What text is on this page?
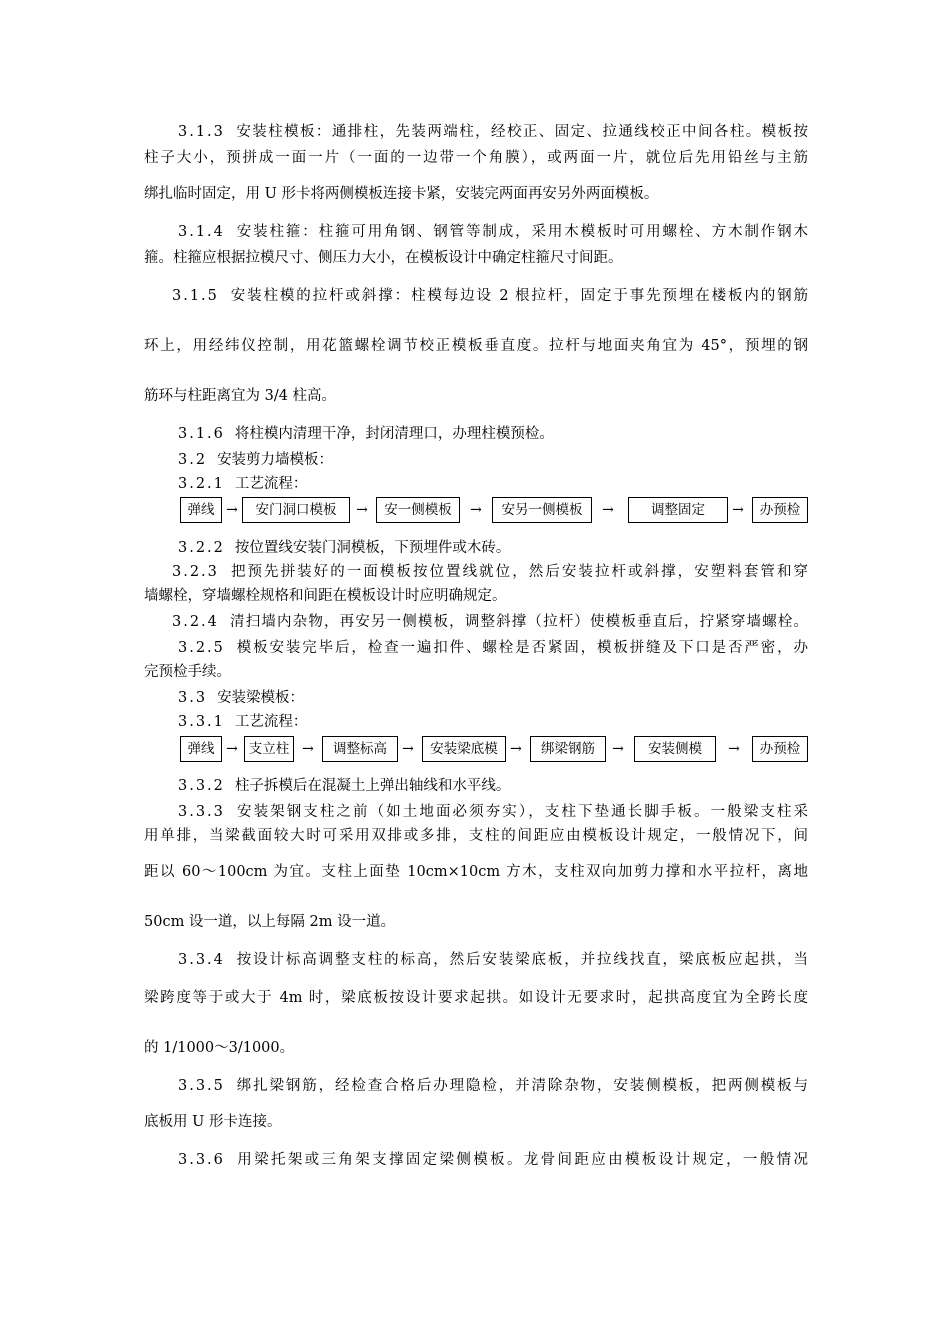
3.1.3 安装柱模板：通排柱，先装两端柱，经校正、固定、拉通线校正中间各柱。模板按

柱子大小，预拼成一面一片（一面的一边带一个角膜），或两面一片，就位后先用铅丝与主筋

绑扎临时固定，用 U 形卡将两侧模板连接卡紧，安装完两面再安另外两面模板。

3.1.4 安装柱箍：柱箍可用角钢、钢管等制成，采用木模板时可用螺栓、方木制作钢木

箍。柱箍应根据拉模尺寸、侧压力大小，在模板设计中确定柱箍尺寸间距。

3.1.5 安装柱模的拉杆或斜撑：柱模每边设 2 根拉杆，固定于事先预埋在楼板内的钢筋

环上，用经纬仪控制，用花篮螺栓调节校正模板垂直度。拉杆与地面夹角宜为 45°，预埋的钢

筋环与柱距离宜为 3/4 柱高。

3.1.6 将柱模内清理干净，封闭清理口，办理柱模预检。

3.2 安装剪力墙模板：

3.2.1 工艺流程：

弹线 →	安门洞口模板	→	安一侧模板	→	安另一侧模板	→	调整固定	→	办预检

3.2.2 按位置线安装门洞模板，下预埋件或木砖。

3.2.3 把预先拼装好的一面模板按位置线就位，然后安装拉杆或斜撑，安塑料套管和穿

墙螺栓，穿墙螺栓规格和间距在模板设计时应明确规定。

3.2.4 清扫墙内杂物，再安另一侧模板，调整斜撑（拉杆）使模板垂直后，拧紧穿墙螺栓。

3.2.5 模板安装完毕后，检查一遍扣件、螺栓是否紧固，模板拼缝及下口是否严密，办

完预检手续。

3.3 安装梁模板：

3.3.1 工艺流程：

弹线 → 支立柱 →	调整标高	→	安装梁底模 →	绑梁钢筋	→	安装侧模	→	办预检

3.3.2 柱子拆模后在混凝土上弹出轴线和水平线。

3.3.3 安装架钢支柱之前（如土地面必须夯实），支柱下垫通长脚手板。一般梁支柱采

用单排，当梁截面较大时可采用双排或多排，支柱的间距应由模板设计规定，一般情况下，间

距以 60～100cm 为宜。支柱上面垫 10cm×10cm 方木，支柱双向加剪力撑和水平拉杆，离地

50cm 设一道，以上每隔 2m 设一道。

3.3.4 按设计标高调整支柱的标高，然后安装梁底板，并拉线找直，梁底板应起拱，当

梁跨度等于或大于 4m 时，梁底板按设计要求起拱。如设计无要求时，起拱高度宜为全跨长度

的 1/1000～3/1000。

3.3.5 绑扎梁钢筋，经检查合格后办理隐检，并清除杂物，安装侧模板，把两侧模板与

底板用 U 形卡连接。

3.3.6 用梁托架或三角架支撑固定梁侧模板。龙骨间距应由模板设计规定，一般情况
